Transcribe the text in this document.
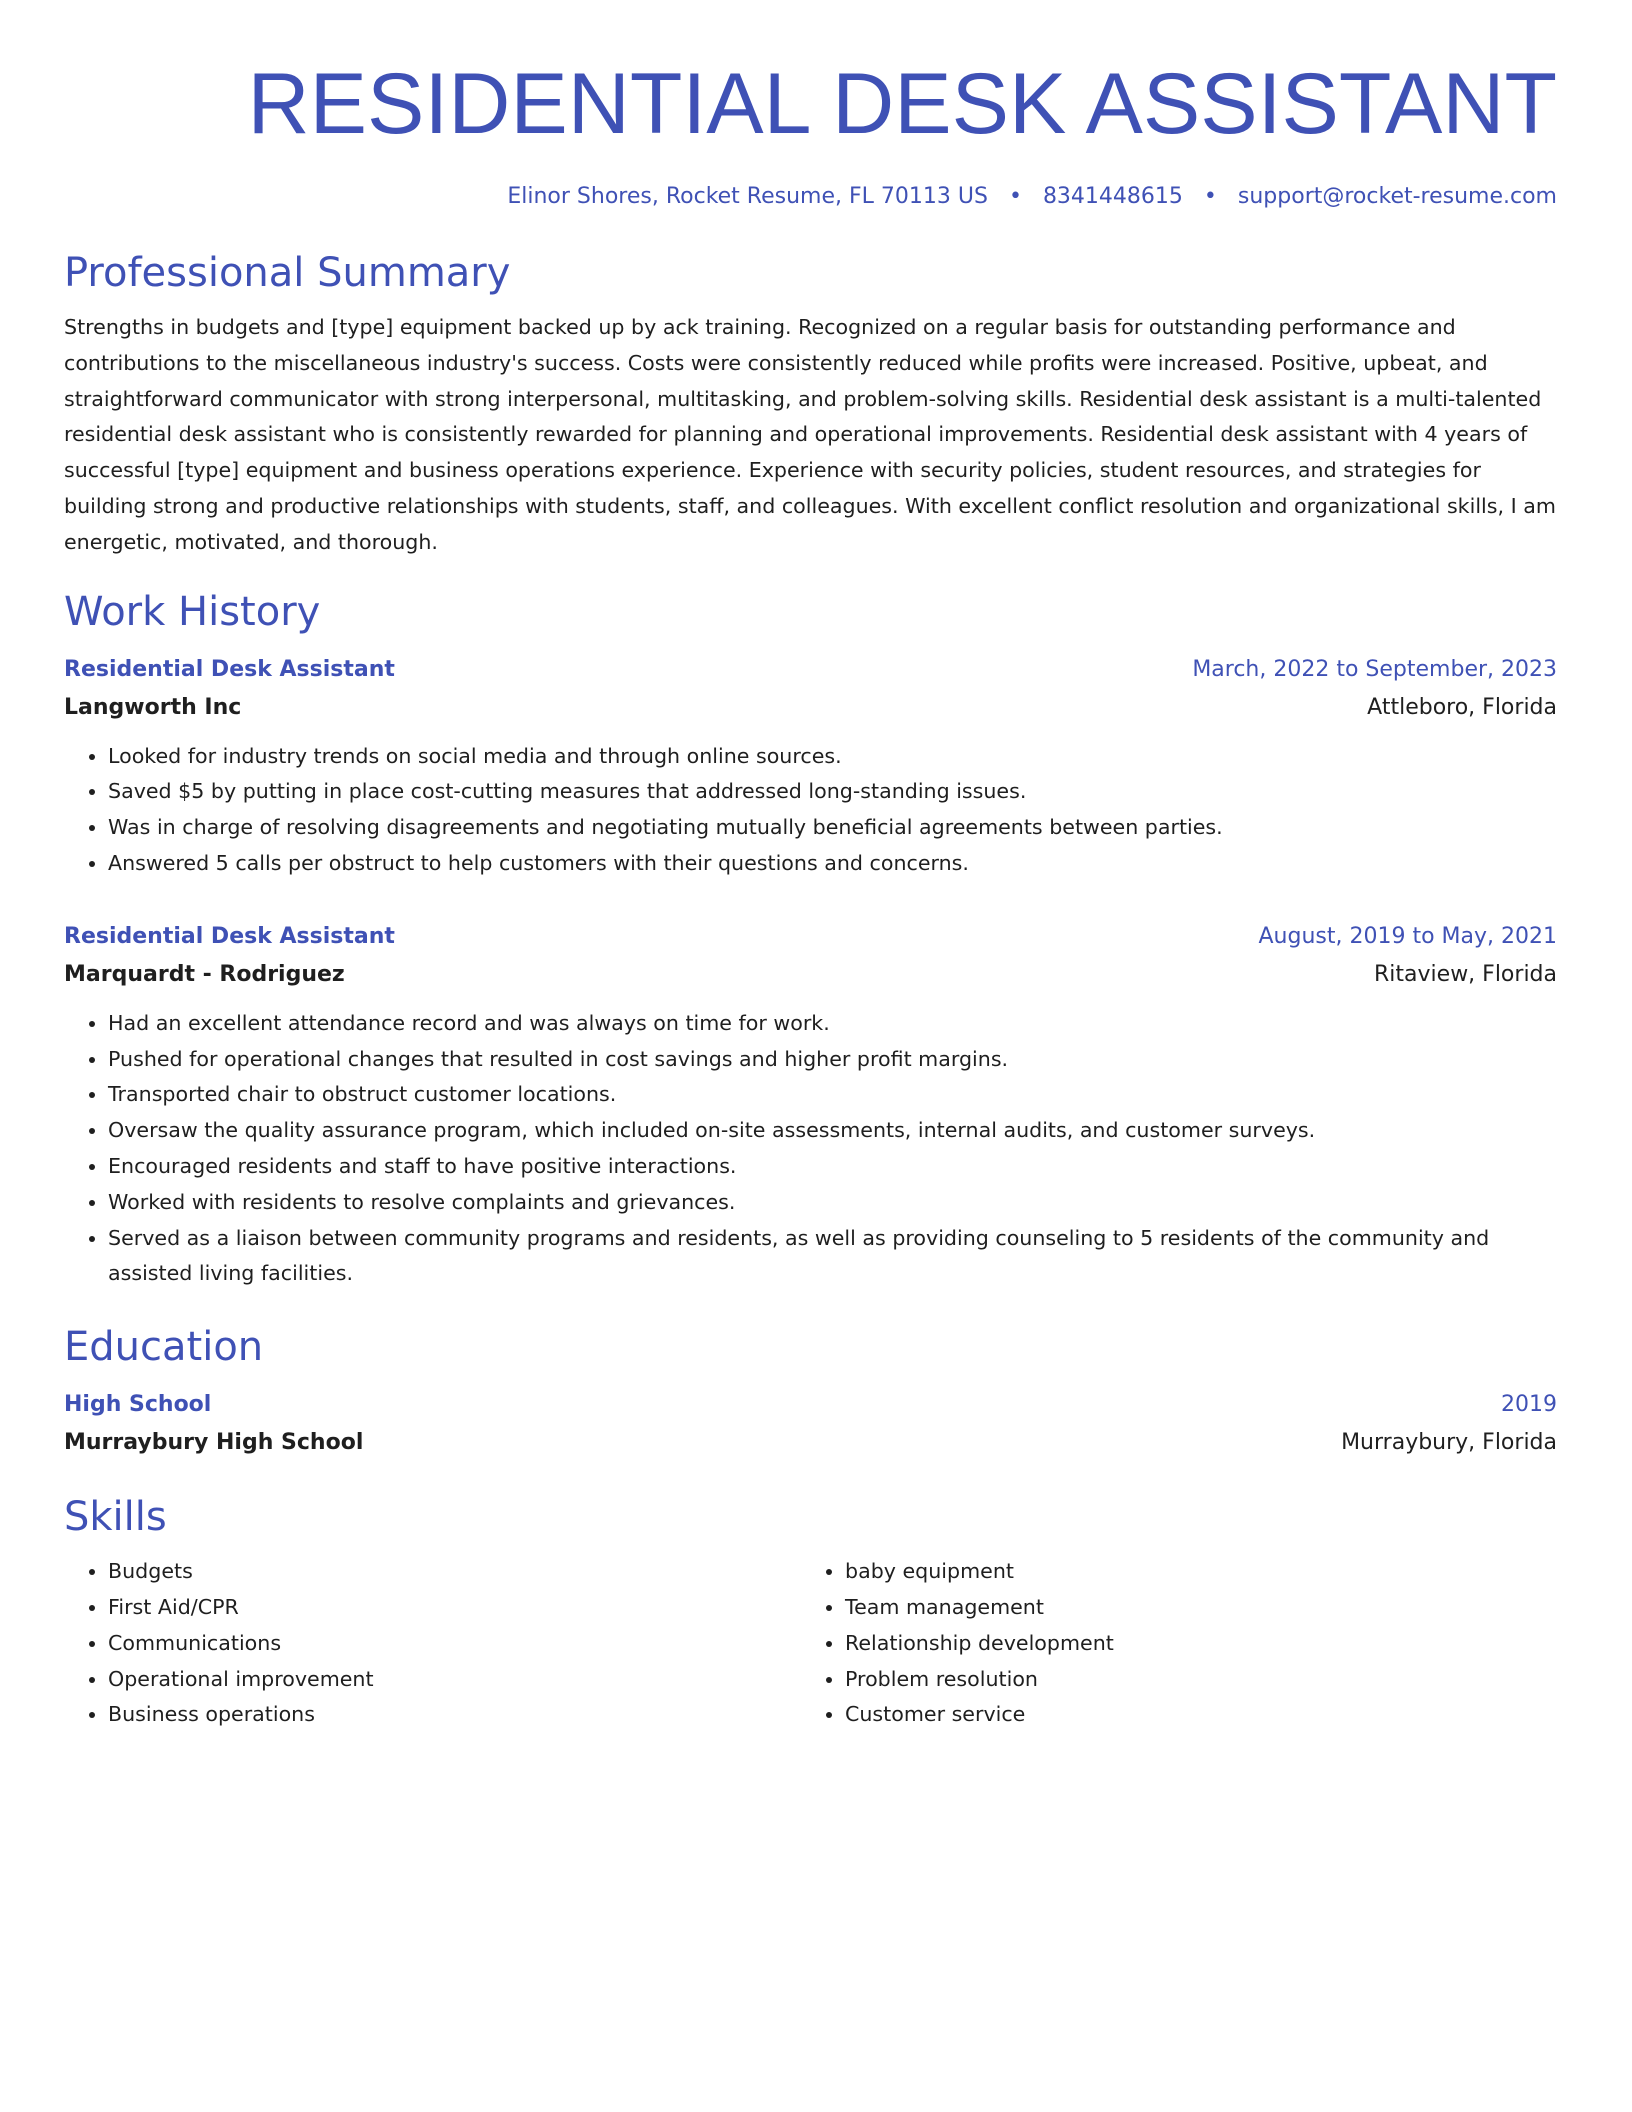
RESIDENTIAL DESK ASSISTANT
Elinor Shores, Rocket Resume, FL 70113 US • 8341448615 • support@rocket-resume.com
Professional Summary
Strengths in budgets and [type] equipment backed up by ack training. Recognized on a regular basis for outstanding performance and contributions to the miscellaneous industry's success. Costs were consistently reduced while profits were increased. Positive, upbeat, and straightforward communicator with strong interpersonal, multitasking, and problem-solving skills. Residential desk assistant is a multi-talented residential desk assistant who is consistently rewarded for planning and operational improvements. Residential desk assistant with 4 years of successful [type] equipment and business operations experience. Experience with security policies, student resources, and strategies for building strong and productive relationships with students, staff, and colleagues. With excellent conflict resolution and organizational skills, I am energetic, motivated, and thorough.
Work History
Residential Desk Assistant	March, 2022 to September, 2023
Langworth Inc	Attleboro, Florida
• Looked for industry trends on social media and through online sources.
• Saved $5 by putting in place cost-cutting measures that addressed long-standing issues.
• Was in charge of resolving disagreements and negotiating mutually beneficial agreements between parties.
• Answered 5 calls per obstruct to help customers with their questions and concerns.
Residential Desk Assistant	August, 2019 to May, 2021
Marquardt - Rodriguez	Ritaview, Florida
• Had an excellent attendance record and was always on time for work.
• Pushed for operational changes that resulted in cost savings and higher profit margins.
• Transported chair to obstruct customer locations.
• Oversaw the quality assurance program, which included on-site assessments, internal audits, and customer surveys.
• Encouraged residents and staff to have positive interactions.
• Worked with residents to resolve complaints and grievances.
• Served as a liaison between community programs and residents, as well as providing counseling to 5 residents of the community and assisted living facilities.
Education
High School	2019
Murraybury High School	Murraybury, Florida
Skills
• Budgets
• First Aid/CPR
• Communications
• Operational improvement
• Business operations
• baby equipment
• Team management
• Relationship development
• Problem resolution
• Customer service
